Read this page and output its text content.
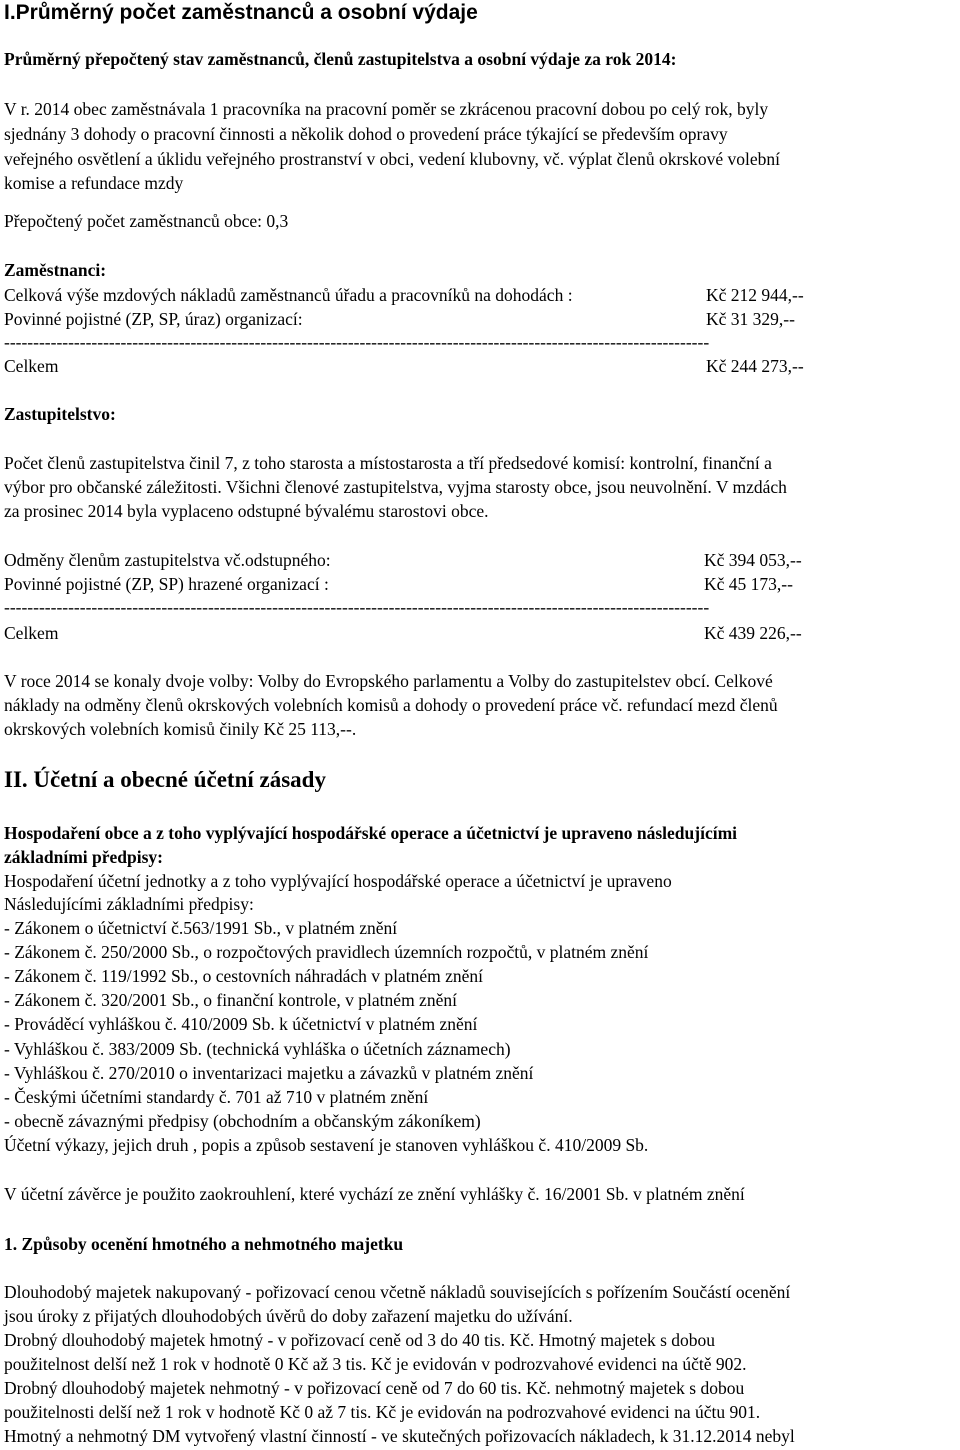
I.Průměrný počet zaměstnanců a osobní výdaje
Průměrný přepočtený stav zaměstnanců, členů zastupitelstva a osobní výdaje za rok 2014:
V r. 2014 obec zaměstnávala 1 pracovníka na pracovní poměr se zkrácenou pracovní dobou po celý rok, byly
sjednány 3 dohody o pracovní činnosti a několik dohod o provedení práce týkající se především opravy
veřejného osvětlení a úklidu veřejného prostranství v obci, vedení klubovny, vč. výplat členů okrskové volební
komise a refundace mzdy
Přepočtený počet zaměstnanců obce: 0,3
Zaměstnanci:
Celková výše mzdových nákladů zaměstnanců úřadu a pracovníků na dohodách :	Kč 212 944,--
Povinné pojistné (ZP, SP, úraz) organizací:	Kč 31 329,--
-------------------------------------------------------------------------------------------------------------------------
Celkem	Kč 244 273,--
Zastupitelstvo:
Počet členů zastupitelstva činil 7, z toho starosta a místostarosta a tří předsedové komisí: kontrolní, finanční a
výbor pro občanské záležitosti. Všichni členové zastupitelstva, vyjma starosty obce, jsou neuvolnění. V mzdách
za prosinec 2014 byla vyplaceno odstupné bývalému starostovi obce.
Odměny členům zastupitelstva vč.odstupného:	Kč 394 053,--
Povinné pojistné (ZP, SP) hrazené organizací :	Kč 45 173,--
-------------------------------------------------------------------------------------------------------------------------
Celkem	Kč 439 226,--
V roce 2014 se konaly dvoje volby: Volby do Evropského parlamentu a Volby do zastupitelstev obcí. Celkové
náklady na odměny členů okrskových volebních komisů a dohody o provedení práce vč. refundací mezd členů
okrskových volebních komisů činily Kč 25 113,--.
II. Účetní a obecné účetní zásady
Hospodaření obce a z toho vyplývající hospodářské operace a účetnictví je upraveno následujícími
základními předpisy:
Hospodaření účetní jednotky a z toho vyplývající hospodářské operace a účetnictví je upraveno
Následujícími základními předpisy:
- Zákonem o účetnictví č.563/1991 Sb., v platném znění
- Zákonem č. 250/2000 Sb., o rozpočtových pravidlech územních rozpočtů, v platném znění
- Zákonem č. 119/1992 Sb., o cestovních náhradách v platném znění
- Zákonem č. 320/2001 Sb., o finanční kontrole, v platném znění
- Prováděcí vyhláškou č. 410/2009 Sb. k účetnictví v platném znění
- Vyhláškou č. 383/2009 Sb. (technická vyhláška o účetních záznamech)
- Vyhláškou č. 270/2010 o inventarizaci majetku a závazků v platném znění
- Českými účetními standardy č. 701 až 710 v platném znění
- obecně závaznými předpisy (obchodním a občanským zákoníkem)
Účetní výkazy, jejich druh , popis a způsob sestavení je stanoven vyhláškou č. 410/2009 Sb.
V účetní závěrce je použito zaokrouhlení, které vychází ze znění vyhlášky č. 16/2001 Sb. v platném znění
1. Způsoby ocenění hmotného a nehmotného majetku
Dlouhodobý majetek nakupovaný - pořizovací cenou včetně nákladů souvisejících s pořízením Součástí ocenění
jsou úroky z přijatých dlouhodobých úvěrů do doby zařazení majetku do užívání.
Drobný dlouhodobý majetek hmotný - v pořizovací ceně od 3 do 40 tis. Kč. Hmotný majetek s dobou
použitelnost delší než 1 rok v hodnotě 0 Kč až 3 tis. Kč je evidován v podrozvahové evidenci na účtě 902.
Drobný dlouhodobý majetek nehmotný - v pořizovací ceně od 7 do 60 tis. Kč. nehmotný majetek s dobou
použitelnosti delší než 1 rok v hodnotě Kč 0 až 7 tis. Kč je evidován na podrozvahové evidenci na účtu 901.
Hmotný a nehmotný DM vytvořený vlastní činností - ve skutečných pořizovacích nákladech, k 31.12.2014 nebyl
